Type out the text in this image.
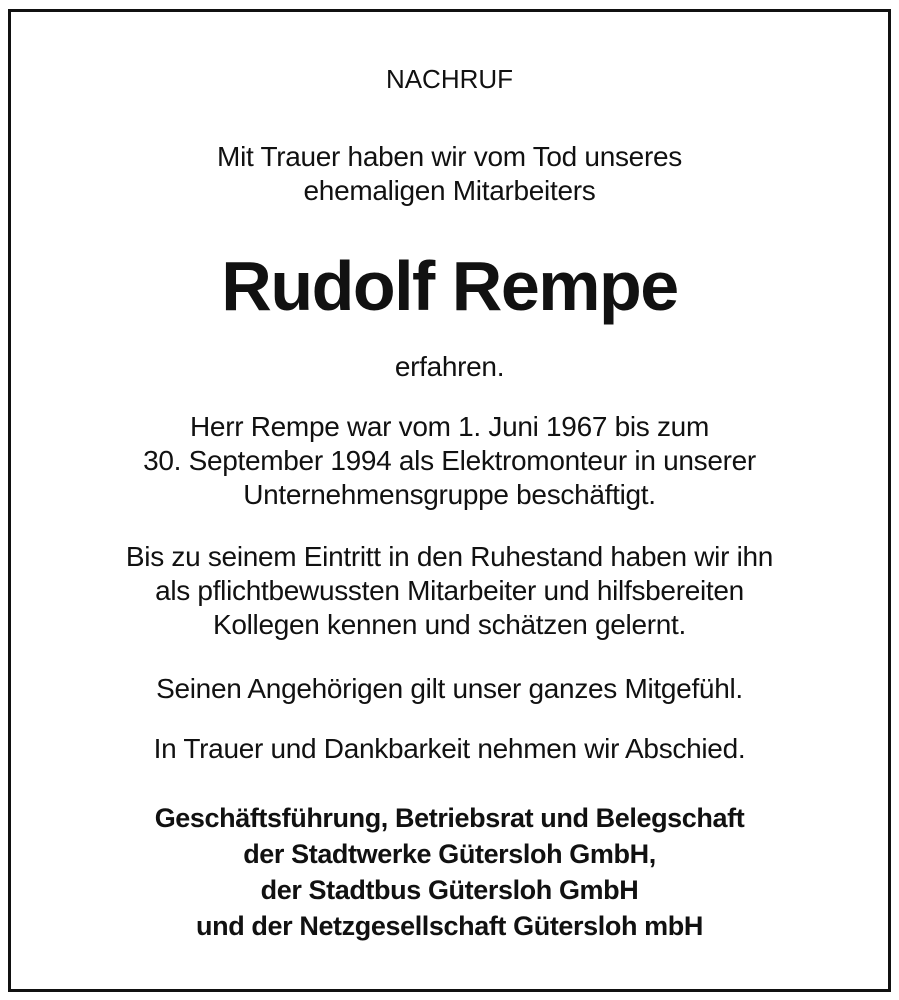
NACHRUF
Mit Trauer haben wir vom Tod unseres
ehemaligen Mitarbeiters
Rudolf Rempe
erfahren.
Herr Rempe war vom 1. Juni 1967 bis zum
30. September 1994 als Elektromonteur in unserer
Unternehmensgruppe beschäftigt.
Bis zu seinem Eintritt in den Ruhestand haben wir ihn
als pflichtbewussten Mitarbeiter und hilfsbereiten
Kollegen kennen und schätzen gelernt.
Seinen Angehörigen gilt unser ganzes Mitgefühl.
In Trauer und Dankbarkeit nehmen wir Abschied.
Geschäftsführung, Betriebsrat und Belegschaft
der Stadtwerke Gütersloh GmbH,
der Stadtbus Gütersloh GmbH
und der Netzgesellschaft Gütersloh mbH
